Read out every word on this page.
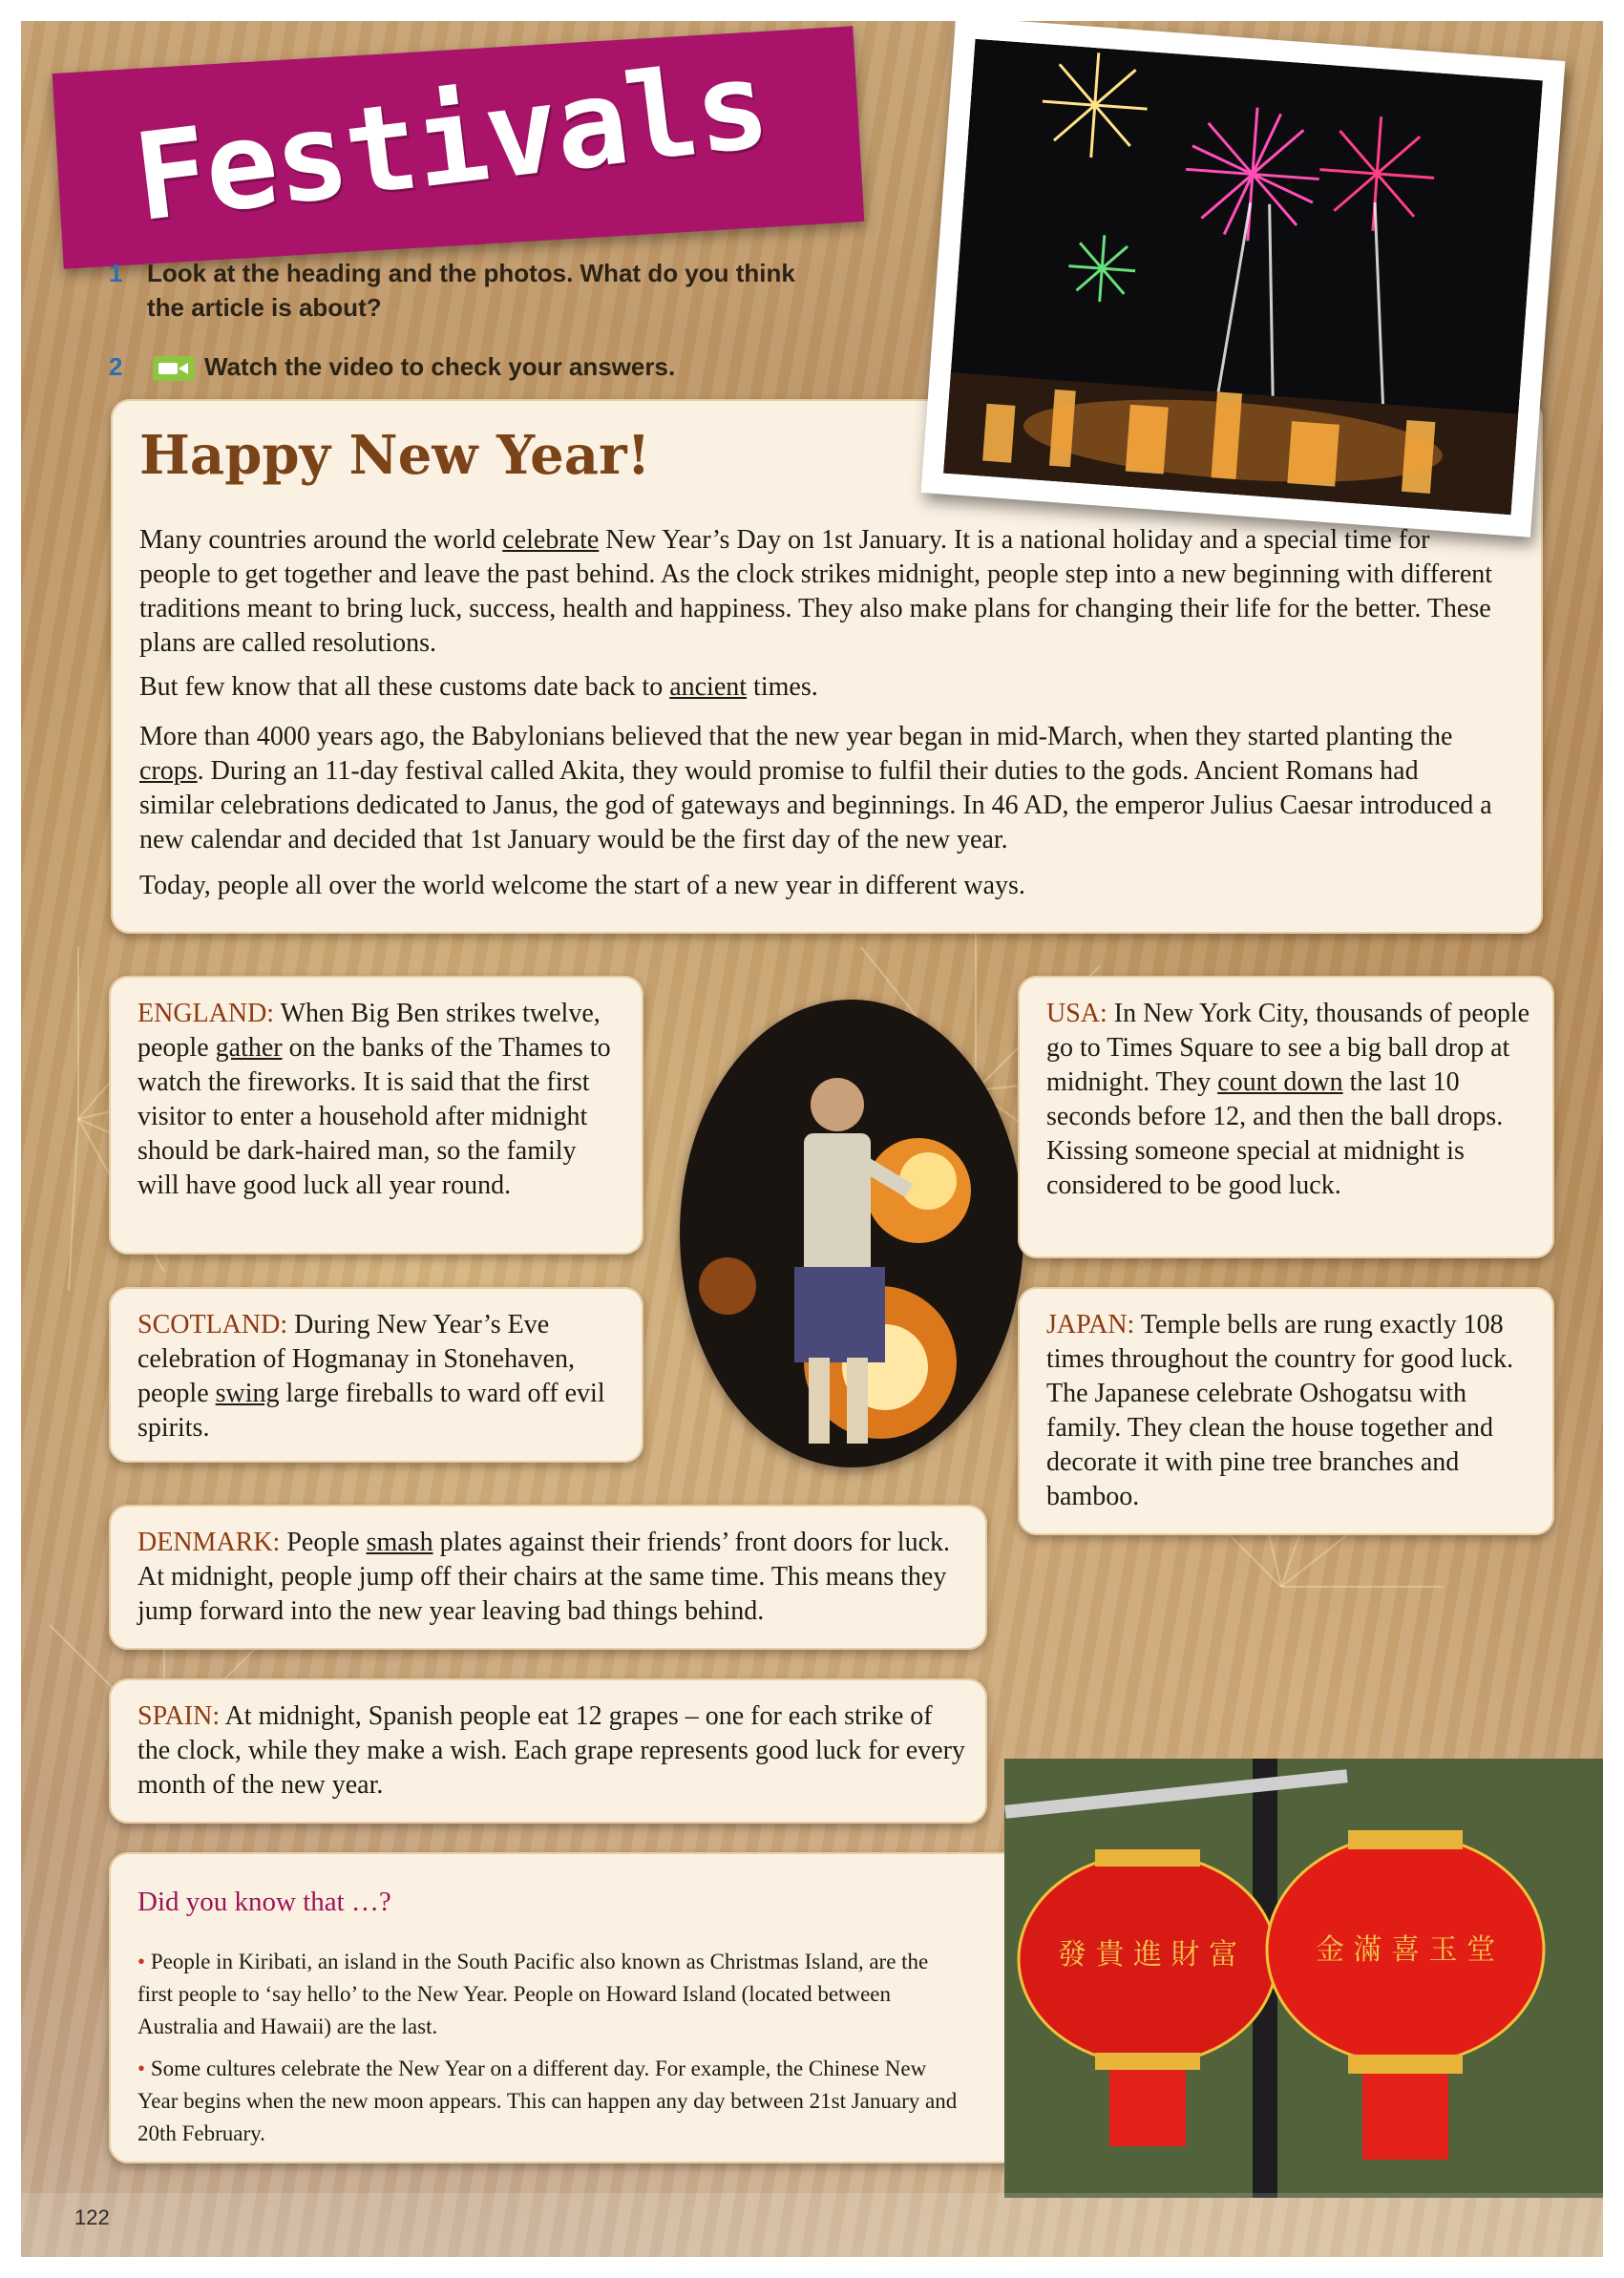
Festivals
1 Look at the heading and the photos. What do you think
the article is about?
2	Watch the video to check your answers.
Happy New Year!

Many countries around the world celebrate New Year’s Day on 1st January. It is a national holiday and a special time for people to get together and leave the past behind. As the clock strikes midnight, people step into a new beginning with different traditions meant to bring luck, success, health and happiness. They also make plans for changing their life for the better. These plans are called resolutions.

But few know that all these customs date back to ancient times.

More than 4000 years ago, the Babylonians believed that the new year began in mid-March, when they started planting the crops. During an 11-day festival called Akita, they would promise to fulfil their duties to the gods. Ancient Romans had similar celebrations dedicated to Janus, the god of gateways and beginnings. In 46 AD, the emperor Julius Caesar introduced a new calendar and decided that 1st January would be the first day of the new year.

Today, people all over the world welcome the start of a new year in different ways.

ENGLAND: When Big Ben strikes twelve, people gather on the banks of the Thames to watch the fireworks. It is said that the first visitor to enter a household after midnight should be dark-haired man, so the family will have good luck all year round.
SCOTLAND: During New Year’s Eve celebration of Hogmanay in Stonehaven, people swing large fireballs to ward off evil spirits.
DENMARK: People smash plates against their friends’ front doors for luck. At midnight, people jump off their chairs at the same time. This means they jump forward into the new year leaving bad things behind.
SPAIN: At midnight, Spanish people eat 12 grapes – one for each strike of the clock, while they make a wish. Each grape represents good luck for every month of the new year.
USA: In New York City, thousands of people go to Times Square to see a big ball drop at midnight. They count down the last 10 seconds before 12, and then the ball drops. Kissing someone special at midnight is considered to be good luck.
JAPAN: Temple bells are rung exactly 108 times throughout the country for good luck. The Japanese celebrate Oshogatsu with family. They clean the house together and decorate it with pine tree branches and bamboo.
Did you know that …?
• People in Kiribati, an island in the South Pacific also known as Christmas Island, are the first people to ‘say hello’ to the New Year. People on Howard Island (located between Australia and Hawaii) are the last.
• Some cultures celebrate the New Year on a different day. For example, the Chinese New Year begins when the new moon appears. This can happen any day between 21st January and 20th February.
發 貴 進 財 富	金 滿 喜 玉 堂
122
